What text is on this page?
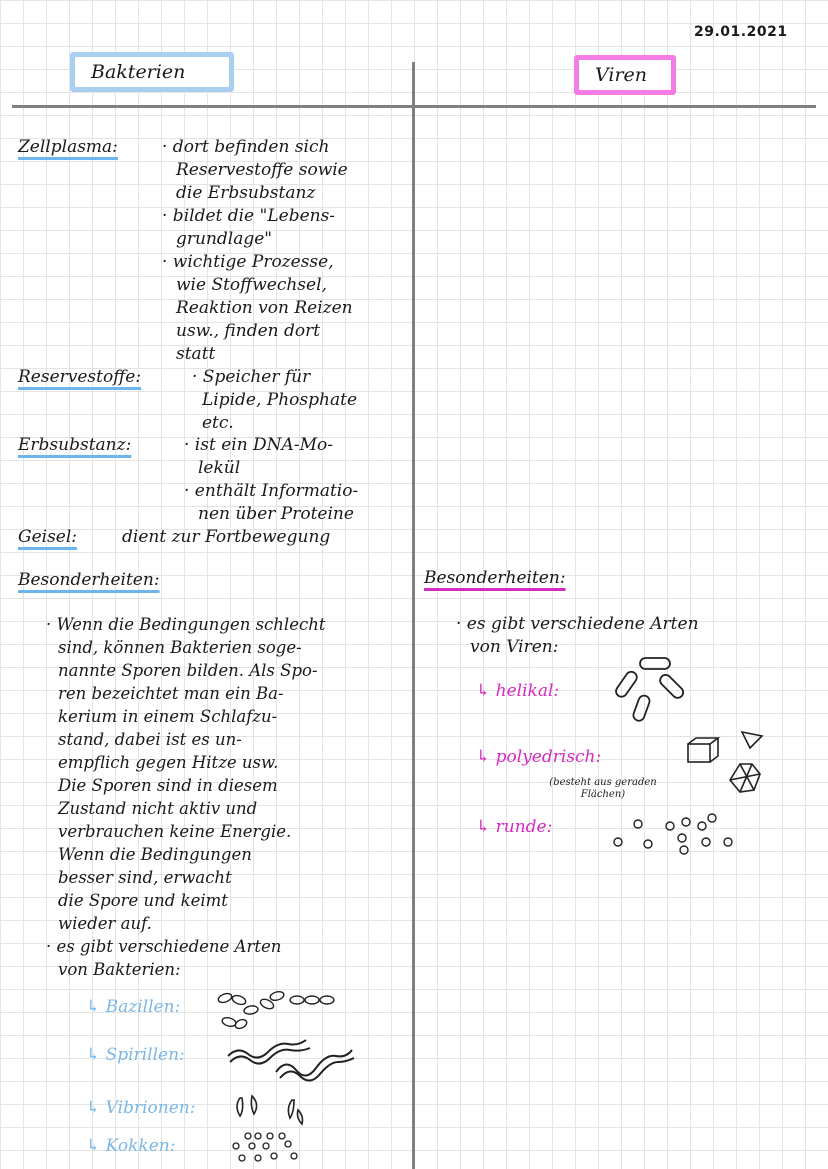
29.01.2021
Bakterien	Viren
Zellplasma:	· dort befinden sich
Reservestoffe sowie
die Erbsubstanz
· bildet die "Lebens-
grundlage"
· wichtige Prozesse,
wie Stoffwechsel,
Reaktion von Reizen
usw., finden dort
statt
Reservestoffe:	· Speicher für
Lipide, Phosphate
etc.
Erbsubstanz:	· ist ein DNA-Mo-
lekül
· enthält Informatio-
nen über Proteine
Geisel:	dient zur Fortbewegung
Besonderheiten:
· Wenn die Bedingungen schlecht
sind, können Bakterien soge-
nannte Sporen bilden. Als Spo-
ren bezeichtet man ein Ba-
kerium in einem Schlafzu-
stand, dabei ist es un-
empflich gegen Hitze usw.
Die Sporen sind in diesem
Zustand nicht aktiv und
verbrauchen keine Energie.
Wenn die Bedingungen
besser sind, erwacht
die Spore und keimt
wieder auf.
· es gibt verschiedene Arten
von Bakterien:
↳ Bazillen:
↳ Spirillen:
↳ Vibrionen:
↳ Kokken:
Besonderheiten:
· es gibt verschiedene Arten
von Viren:
↳ helikal:
↳ polyedrisch:
(besteht aus geraden
Flächen)
↳ runde:
